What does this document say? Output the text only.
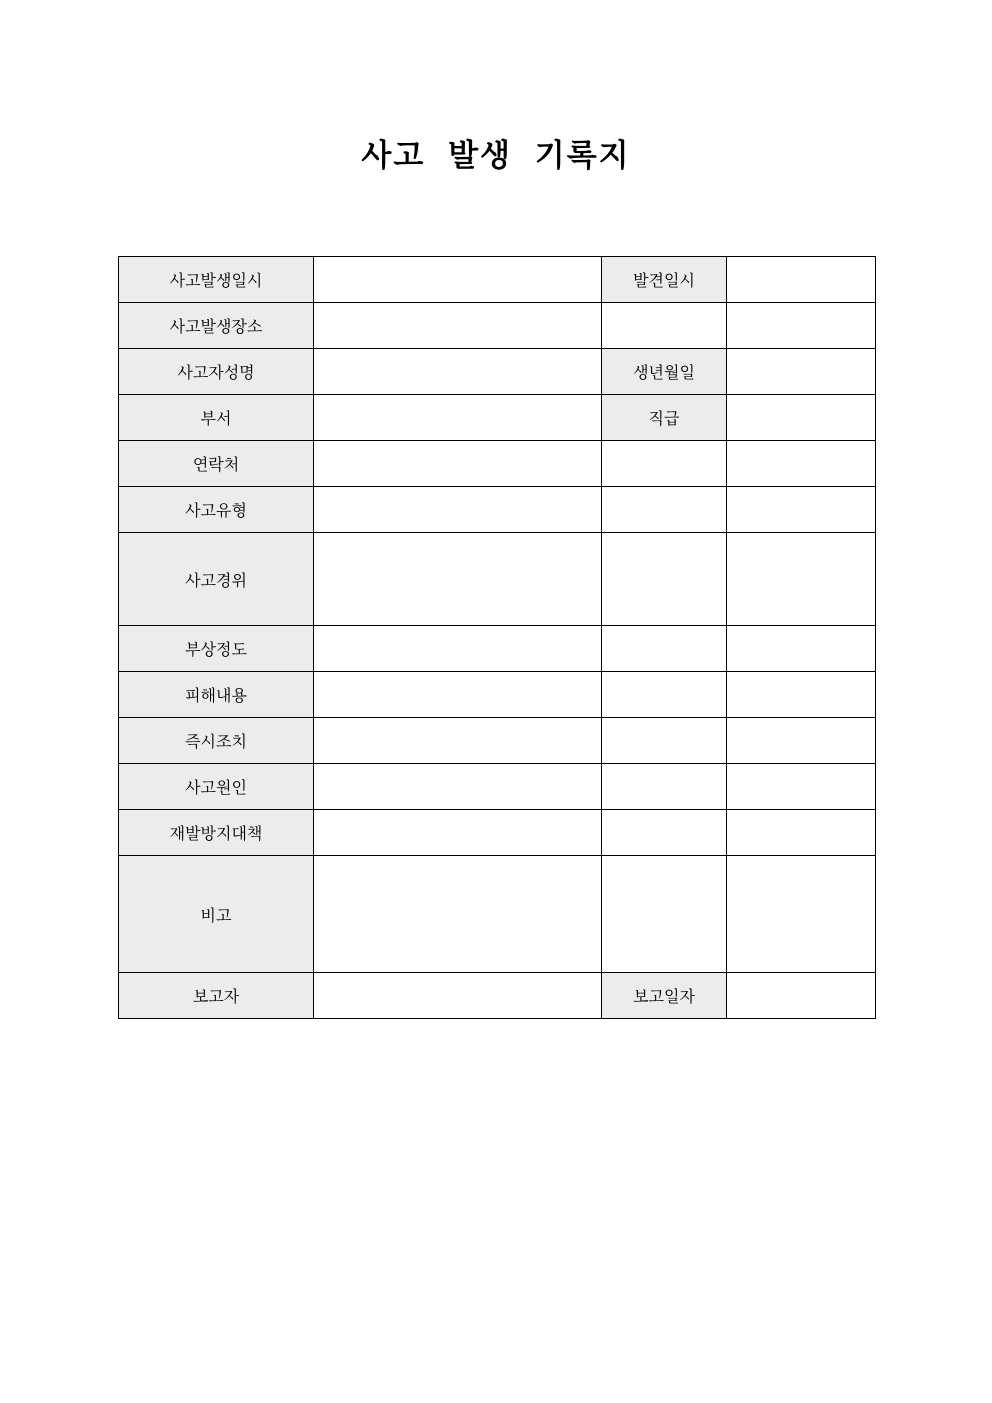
사고 발생 기록지
사고발생일시		발견일시	
사고발생장소			
사고자성명		생년월일	
부서		직급	
연락처			
사고유형			
사고경위			
부상정도			
피해내용			
즉시조치			
사고원인			
재발방지대책			
비고			
보고자		보고일자	
